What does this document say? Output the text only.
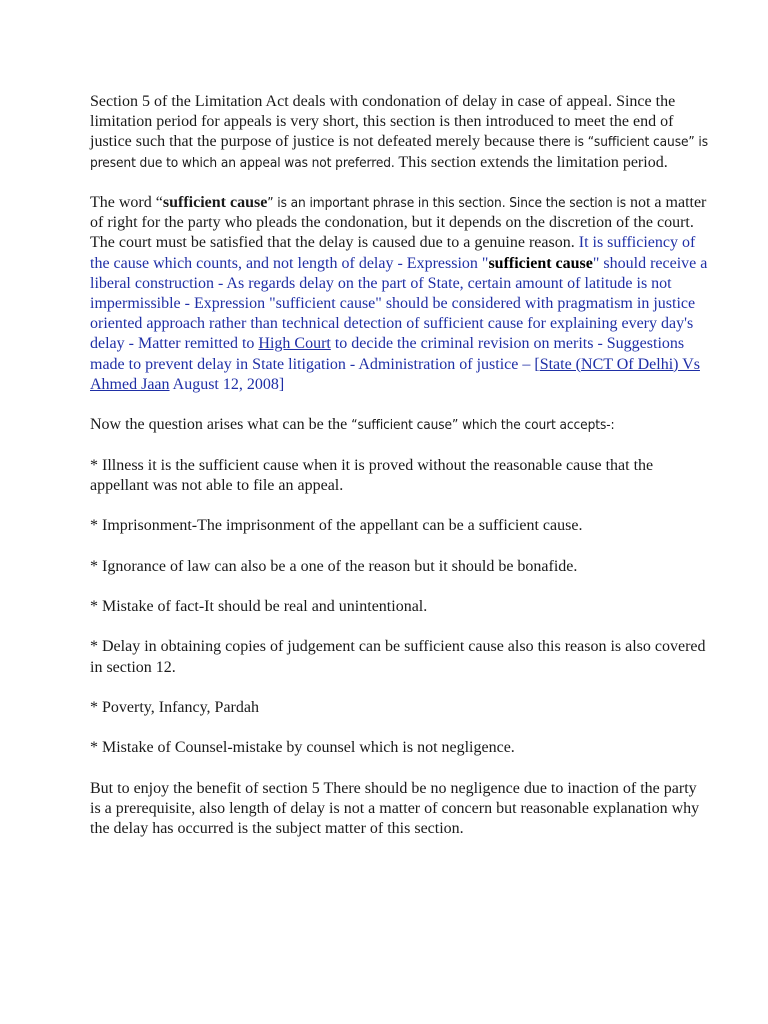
Section 5 of the Limitation Act deals with condonation of delay in case of appeal. Since the limitation period for appeals is very short, this section is then introduced to meet the end of justice such that the purpose of justice is not defeated merely because there is “sufficient cause” is present due to which an appeal was not preferred. This section extends the limitation period.

The word “sufficient cause” is an important phrase in this section. Since the section is not a matter of right for the party who pleads the condonation, but it depends on the discretion of the court. The court must be satisfied that the delay is caused due to a genuine reason. It is sufficiency of the cause which counts, and not length of delay - Expression "sufficient cause" should receive a liberal construction - As regards delay on the part of State, certain amount of latitude is not impermissible - Expression "sufficient cause" should be considered with pragmatism in justice oriented approach rather than technical detection of sufficient cause for explaining every day's delay - Matter remitted to High Court to decide the criminal revision on merits - Suggestions made to prevent delay in State litigation - Administration of justice – [State (NCT Of Delhi) Vs Ahmed Jaan August 12, 2008]

Now the question arises what can be the “sufficient cause” which the court accepts-:

* Illness it is the sufficient cause when it is proved without the reasonable cause that the appellant was not able to file an appeal.

* Imprisonment-The imprisonment of the appellant can be a sufficient cause.

* Ignorance of law can also be a one of the reason but it should be bonafide.

* Mistake of fact-It should be real and unintentional.

* Delay in obtaining copies of judgement can be sufficient cause also this reason is also covered in section 12.

* Poverty, Infancy, Pardah

* Mistake of Counsel-mistake by counsel which is not negligence.

But to enjoy the benefit of section 5 There should be no negligence due to inaction of the party is a prerequisite, also length of delay is not a matter of concern but reasonable explanation why the delay has occurred is the subject matter of this section.
